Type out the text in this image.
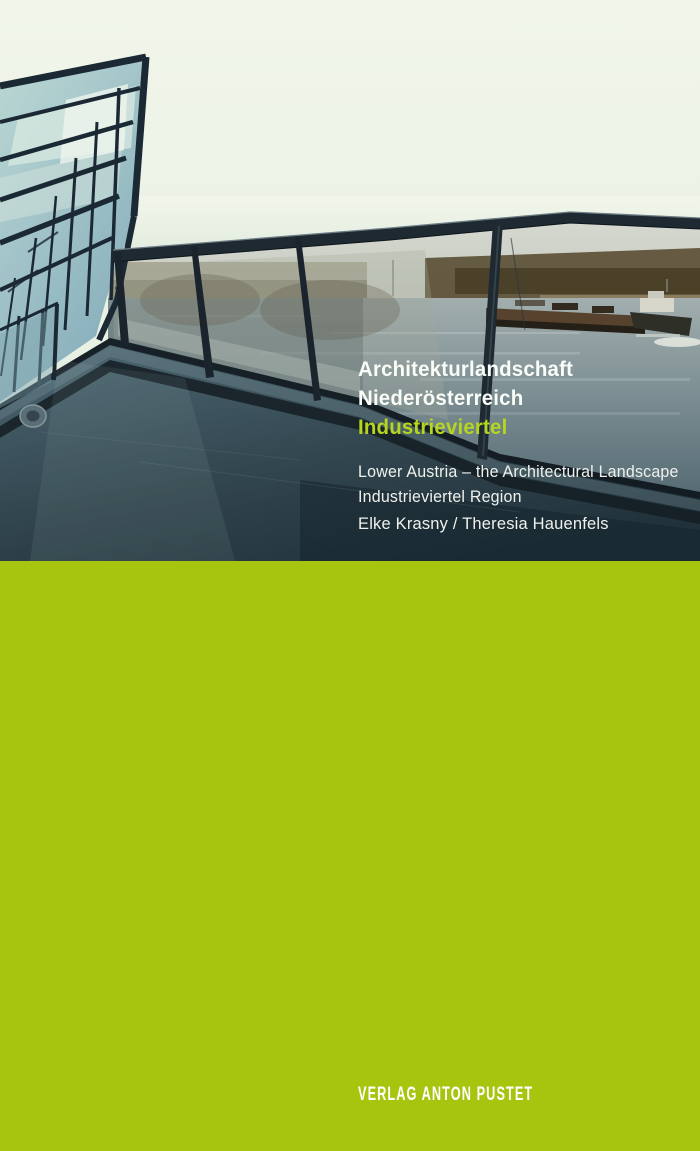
Architekturlandschaft
Niederösterreich
Industrieviertel
Lower Austria – the Architectural Landscape
Industrieviertel Region
Elke Krasny / Theresia Hauenfels
VERLAG ANTON PUSTET
